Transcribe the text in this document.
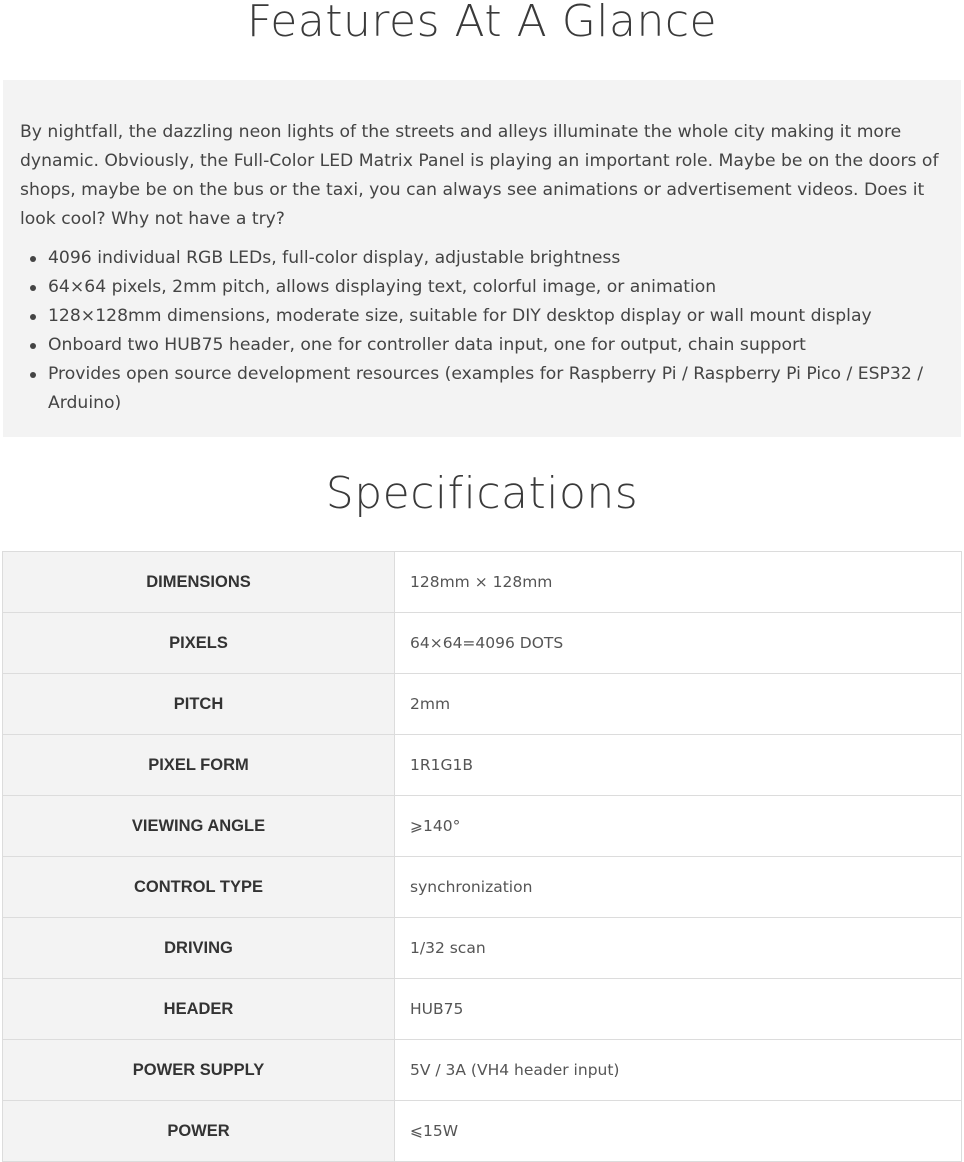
Features At A Glance

By nightfall, the dazzling neon lights of the streets and alleys illuminate the whole city making it more dynamic. Obviously, the Full-Color LED Matrix Panel is playing an important role. Maybe be on the doors of shops, maybe be on the bus or the taxi, you can always see animations or advertisement videos. Does it look cool? Why not have a try?

4096 individual RGB LEDs, full-color display, adjustable brightness
64×64 pixels, 2mm pitch, allows displaying text, colorful image, or animation
128×128mm dimensions, moderate size, suitable for DIY desktop display or wall mount display
Onboard two HUB75 header, one for controller data input, one for output, chain support
Provides open source development resources (examples for Raspberry Pi / Raspberry Pi Pico / ESP32 / Arduino)
Specifications
DIMENSIONS	128mm × 128mm
PIXELS	64×64=4096 DOTS
PITCH	2mm
PIXEL FORM	1R1G1B
VIEWING ANGLE	⩾140°
CONTROL TYPE	synchronization
DRIVING	1/32 scan
HEADER	HUB75
POWER SUPPLY	5V / 3A (VH4 header input)
POWER	⩽15W
